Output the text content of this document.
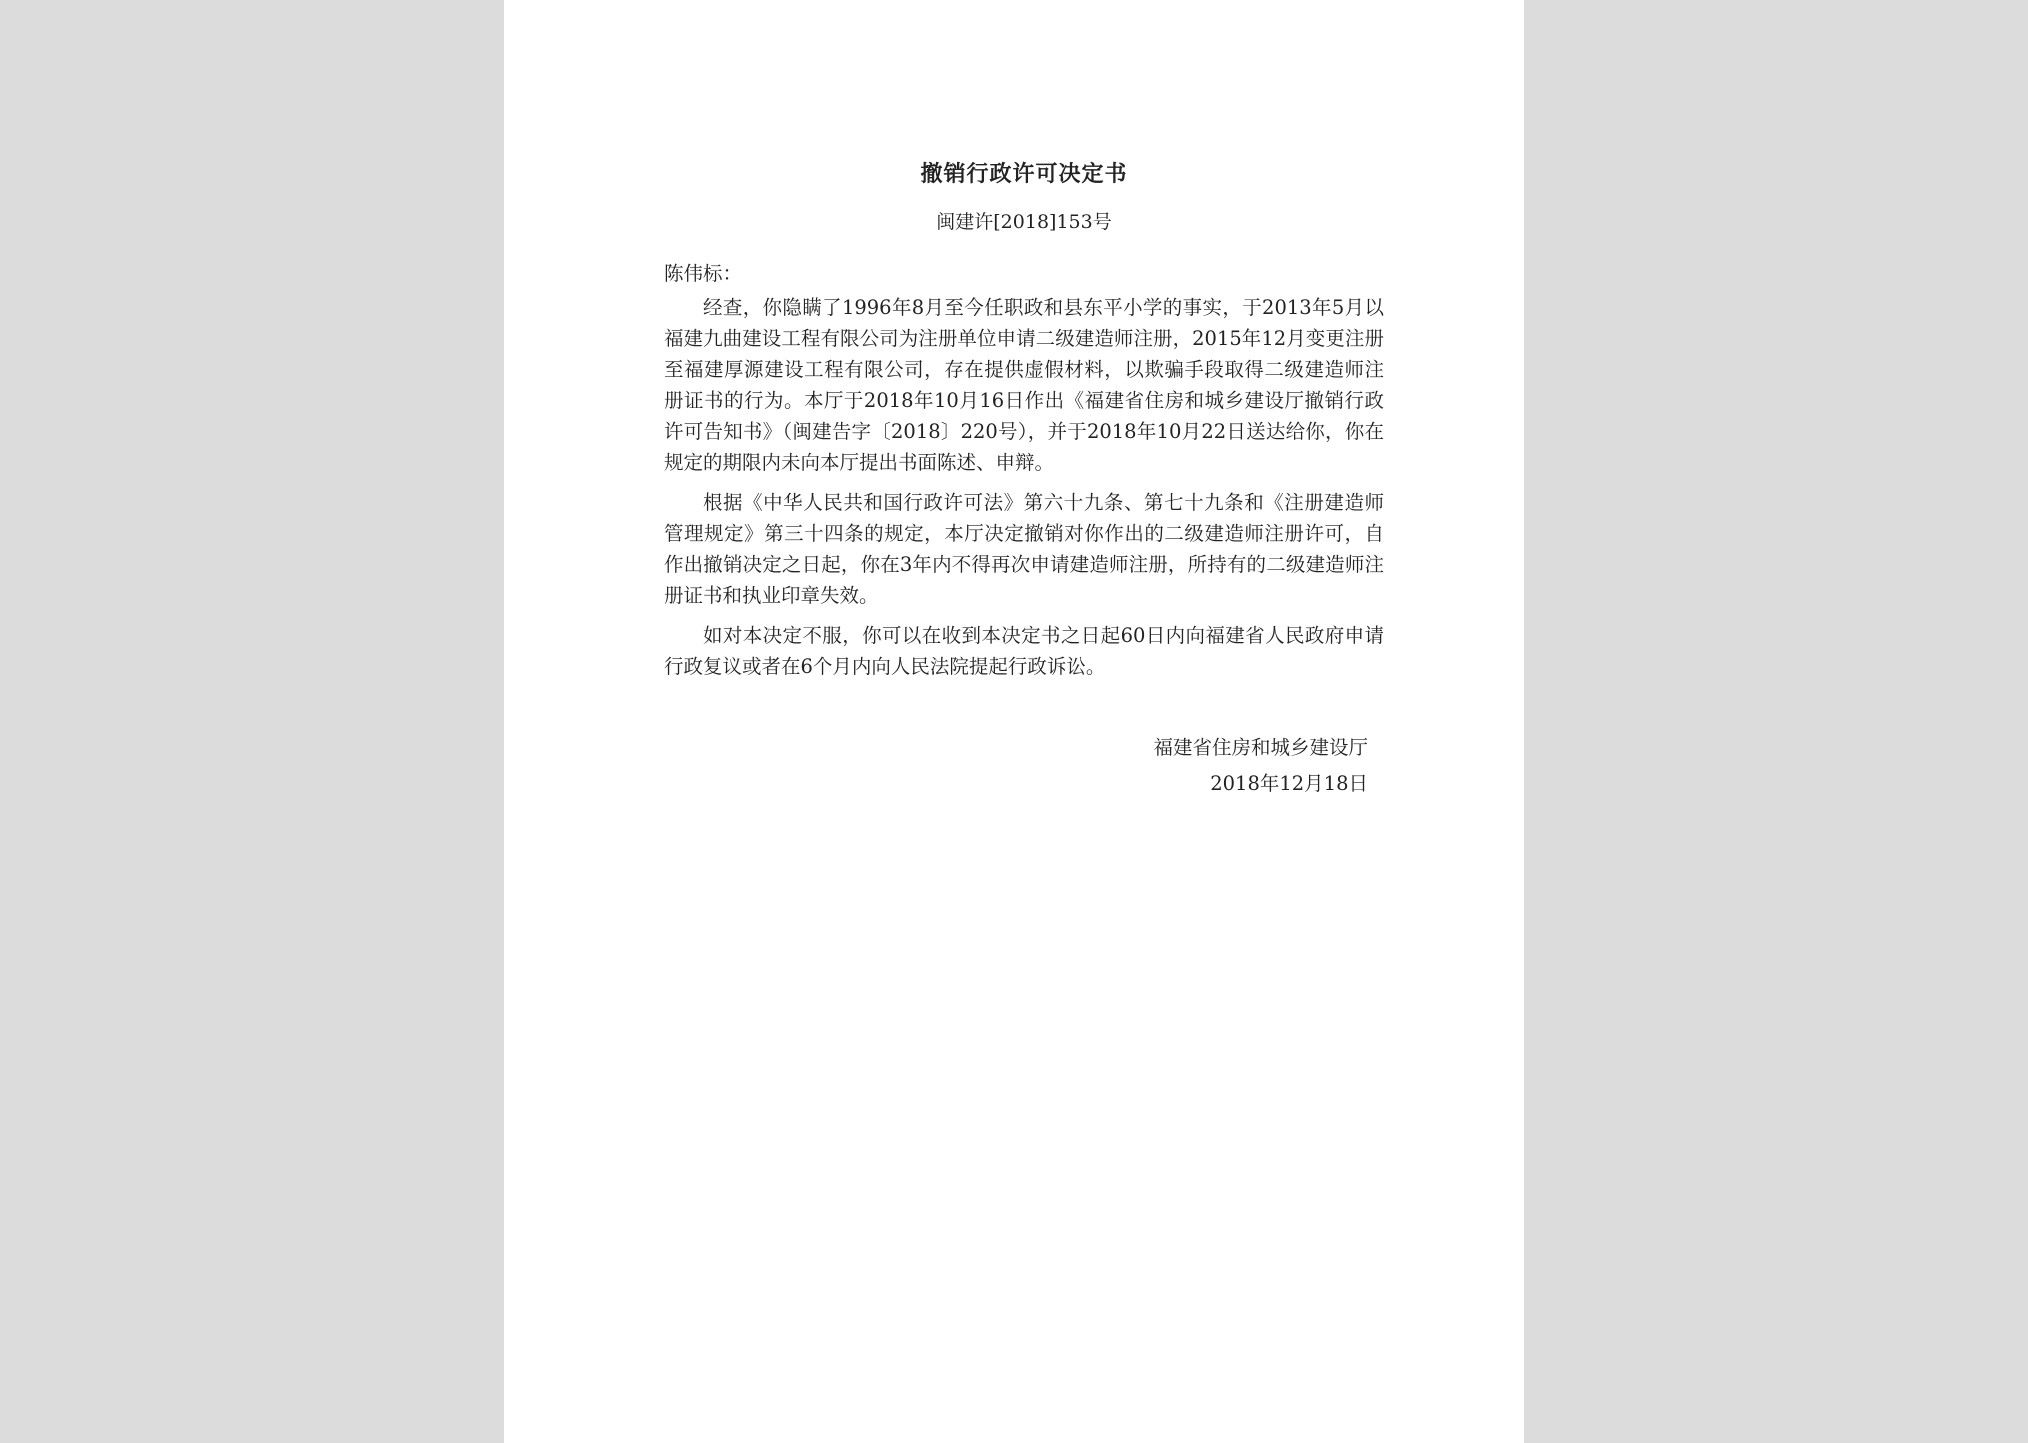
撤销行政许可决定书

闽建许[2018]153号

陈伟标：

经查，你隐瞒了1996年8月至今任职政和县东平小学的事实，于2013年5月以福建九曲建设工程有限公司为注册单位申请二级建造师注册，2015年12月变更注册至福建厚源建设工程有限公司，存在提供虚假材料，以欺骗手段取得二级建造师注册证书的行为。本厅于2018年10月16日作出《福建省住房和城乡建设厅撤销行政许可告知书》（闽建告字〔2018〕220号），并于2018年10月22日送达给你，你在规定的期限内未向本厅提出书面陈述、申辩。

根据《中华人民共和国行政许可法》第六十九条、第七十九条和《注册建造师管理规定》第三十四条的规定，本厅决定撤销对你作出的二级建造师注册许可，自作出撤销决定之日起，你在3年内不得再次申请建造师注册，所持有的二级建造师注册证书和执业印章失效。

如对本决定不服，你可以在收到本决定书之日起60日内向福建省人民政府申请行政复议或者在6个月内向人民法院提起行政诉讼。

福建省住房和城乡建设厅
2018年12月18日
